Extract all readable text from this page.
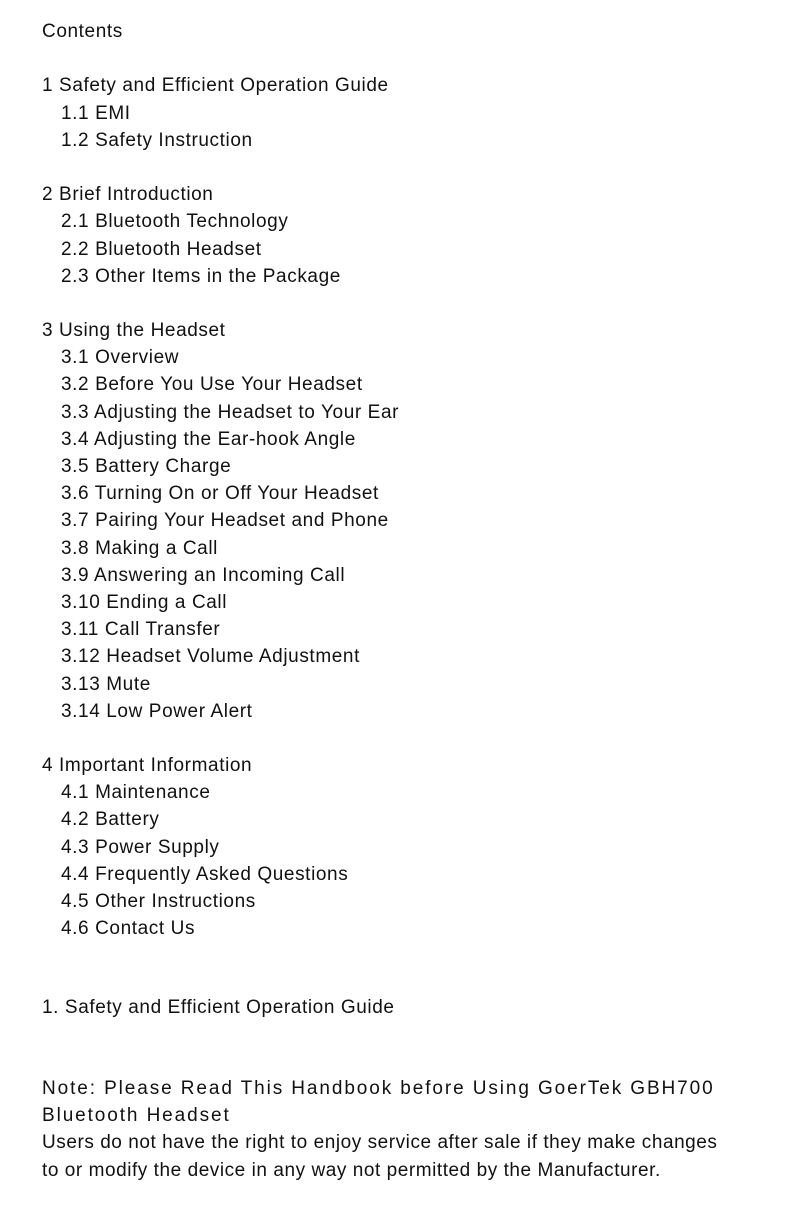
Contents
1 Safety and Efficient Operation Guide
1.1 EMI
1.2 Safety Instruction
2 Brief Introduction
2.1 Bluetooth Technology
2.2 Bluetooth Headset
2.3 Other Items in the Package
3 Using the Headset
3.1 Overview
3.2 Before You Use Your Headset
3.3 Adjusting the Headset to Your Ear
3.4 Adjusting the Ear-hook Angle
3.5 Battery Charge
3.6 Turning On or Off Your Headset
3.7 Pairing Your Headset and Phone
3.8 Making a Call
3.9 Answering an Incoming Call
3.10 Ending a Call
3.11 Call Transfer
3.12 Headset Volume Adjustment
3.13 Mute
3.14 Low Power Alert
4 Important Information
4.1 Maintenance
4.2 Battery
4.3 Power Supply
4.4 Frequently Asked Questions
4.5 Other Instructions
4.6 Contact Us
1. Safety and Efficient Operation Guide
Note: Please Read This Handbook before Using GoerTek GBH700
Bluetooth Headset
Users do not have the right to enjoy service after sale if they make changes
to or modify the device in any way not permitted by the Manufacturer.
